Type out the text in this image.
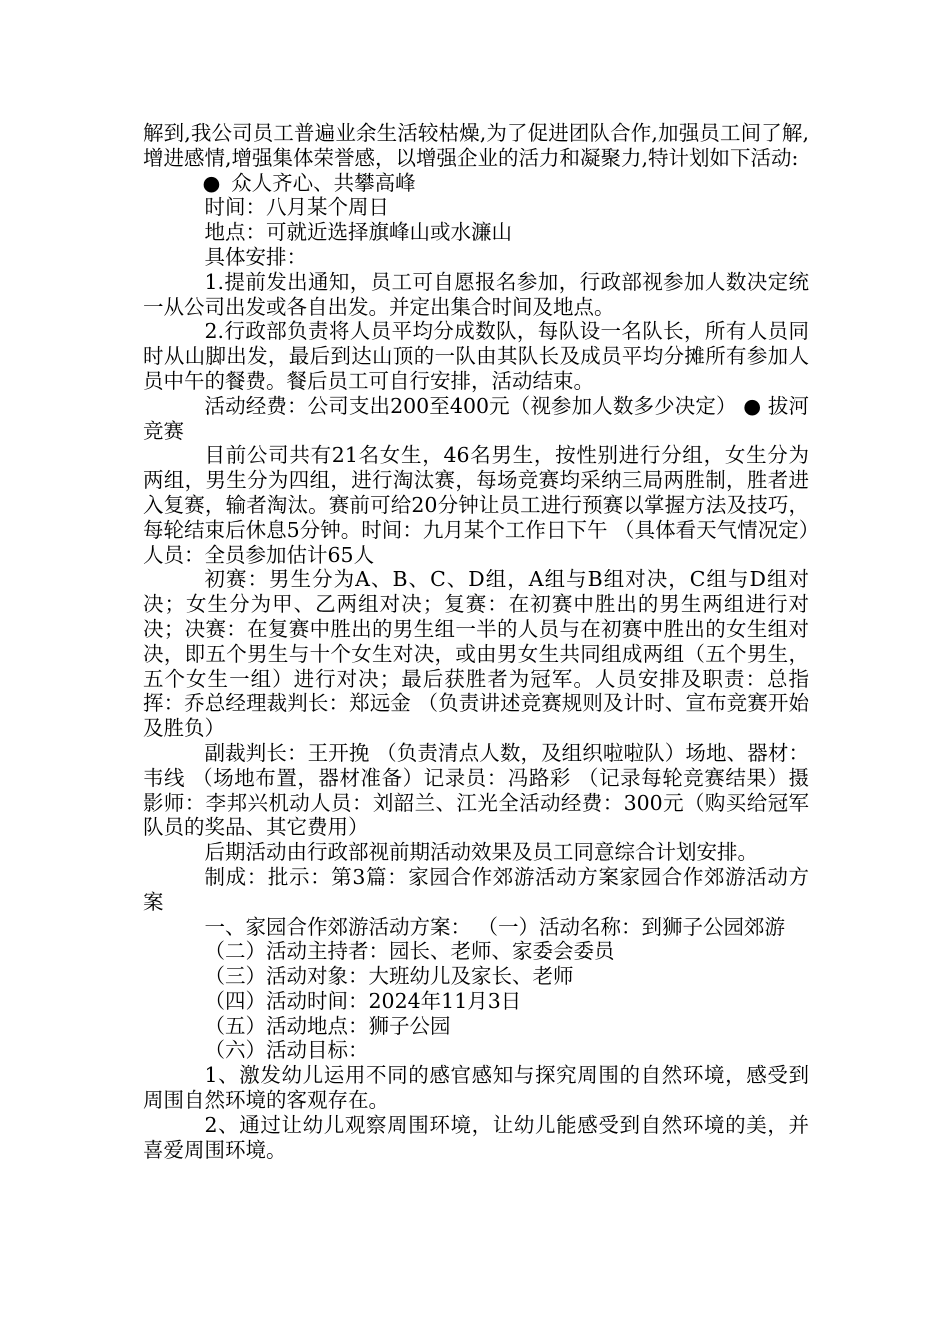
解到,我公司员工普遍业余生活较枯燥,为了促进团队合作,加强员工间了解,增进感情,增强集体荣誉感，以增强企业的活力和凝聚力,特计划如下活动:

● 众人齐心、共攀高峰

时间：八月某个周日

地点：可就近选择旗峰山或水濂山

具体安排：

1.提前发出通知，员工可自愿报名参加，行政部视参加人数决定统一从公司出发或各自出发。并定出集合时间及地点。

2.行政部负责将人员平均分成数队，每队设一名队长，所有人员同时从山脚出发，最后到达山顶的一队由其队长及成员平均分摊所有参加人员中午的餐费。餐后员工可自行安排，活动结束。

活动经费：公司支出200至400元（视参加人数多少决定） ● 拔河竞赛

目前公司共有21名女生，46名男生，按性别进行分组，女生分为两组，男生分为四组，进行淘汰赛，每场竞赛均采纳三局两胜制，胜者进入复赛，输者淘汰。赛前可给20分钟让员工进行预赛以掌握方法及技巧，每轮结束后休息5分钟。时间：九月某个工作日下午 （具体看天气情况定）人员：全员参加估计65人

初赛：男生分为A、B、C、D组，A组与B组对决，C组与D组对决；女生分为甲、乙两组对决；复赛：在初赛中胜出的男生两组进行对决；决赛：在复赛中胜出的男生组一半的人员与在初赛中胜出的女生组对决，即五个男生与十个女生对决，或由男女生共同组成两组（五个男生，五个女生一组）进行对决；最后获胜者为冠军。人员安排及职责：总指挥：乔总经理裁判长：郑远金 （负责讲述竞赛规则及计时、宣布竞赛开始及胜负）

副裁判长：王开挽 （负责清点人数，及组织啦啦队）场地、器材：韦线 （场地布置，器材准备）记录员：冯路彩 （记录每轮竞赛结果）摄影师：李邦兴机动人员：刘韶兰、江光全活动经费：300元（购买给冠军队员的奖品、其它费用）

后期活动由行政部视前期活动效果及员工同意综合计划安排。

制成：批示：第3篇：家园合作郊游活动方案家园合作郊游活动方案

一、家园合作郊游活动方案： （一）活动名称：到狮子公园郊游

（二）活动主持者：园长、老师、家委会委员

（三）活动对象：大班幼儿及家长、老师

（四）活动时间：2024年11月3日

（五）活动地点：狮子公园

（六）活动目标：

1、激发幼儿运用不同的感官感知与探究周围的自然环境，感受到周围自然环境的客观存在。

2、通过让幼儿观察周围环境，让幼儿能感受到自然环境的美，并喜爱周围环境。
